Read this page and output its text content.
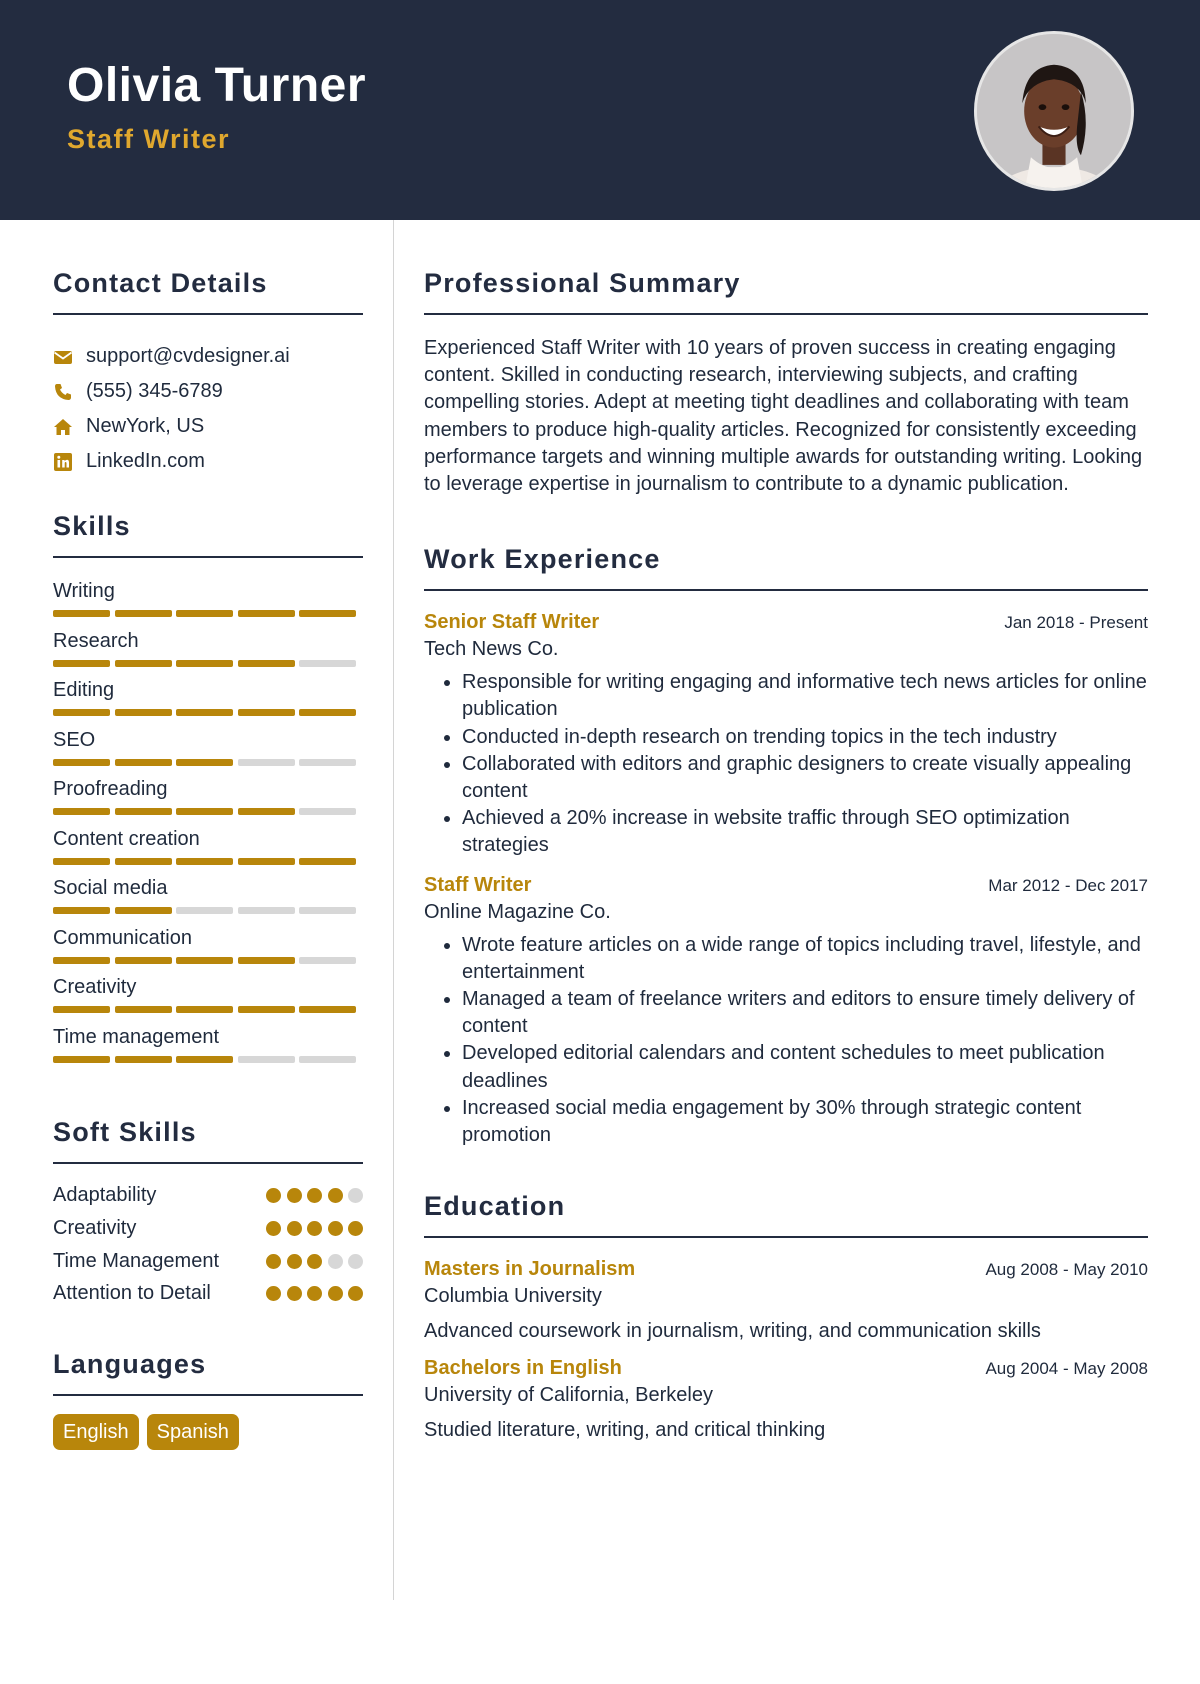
Olivia Turner
Staff Writer
Contact Details
support@cvdesigner.ai
(555) 345-6789
NewYork, US
LinkedIn.com
Skills
Writing
Research
Editing
SEO
Proofreading
Content creation
Social media
Communication
Creativity
Time management
Soft Skills
Adaptability
Creativity
Time Management
Attention to Detail
Languages
English	Spanish
Professional Summary
Experienced Staff Writer with 10 years of proven success in creating engaging content. Skilled in conducting research, interviewing subjects, and crafting compelling stories. Adept at meeting tight deadlines and collaborating with team members to produce high-quality articles. Recognized for consistently exceeding performance targets and winning multiple awards for outstanding writing. Looking to leverage expertise in journalism to contribute to a dynamic publication.
Work Experience
Senior Staff Writer	Jan 2018 - Present
Tech News Co.
• Responsible for writing engaging and informative tech news articles for online publication
• Conducted in-depth research on trending topics in the tech industry
• Collaborated with editors and graphic designers to create visually appealing content
• Achieved a 20% increase in website traffic through SEO optimization strategies
Staff Writer	Mar 2012 - Dec 2017
Online Magazine Co.
• Wrote feature articles on a wide range of topics including travel, lifestyle, and entertainment
• Managed a team of freelance writers and editors to ensure timely delivery of content
• Developed editorial calendars and content schedules to meet publication deadlines
• Increased social media engagement by 30% through strategic content promotion
Education
Masters in Journalism	Aug 2008 - May 2010
Columbia University
Advanced coursework in journalism, writing, and communication skills
Bachelors in English	Aug 2004 - May 2008
University of California, Berkeley
Studied literature, writing, and critical thinking
